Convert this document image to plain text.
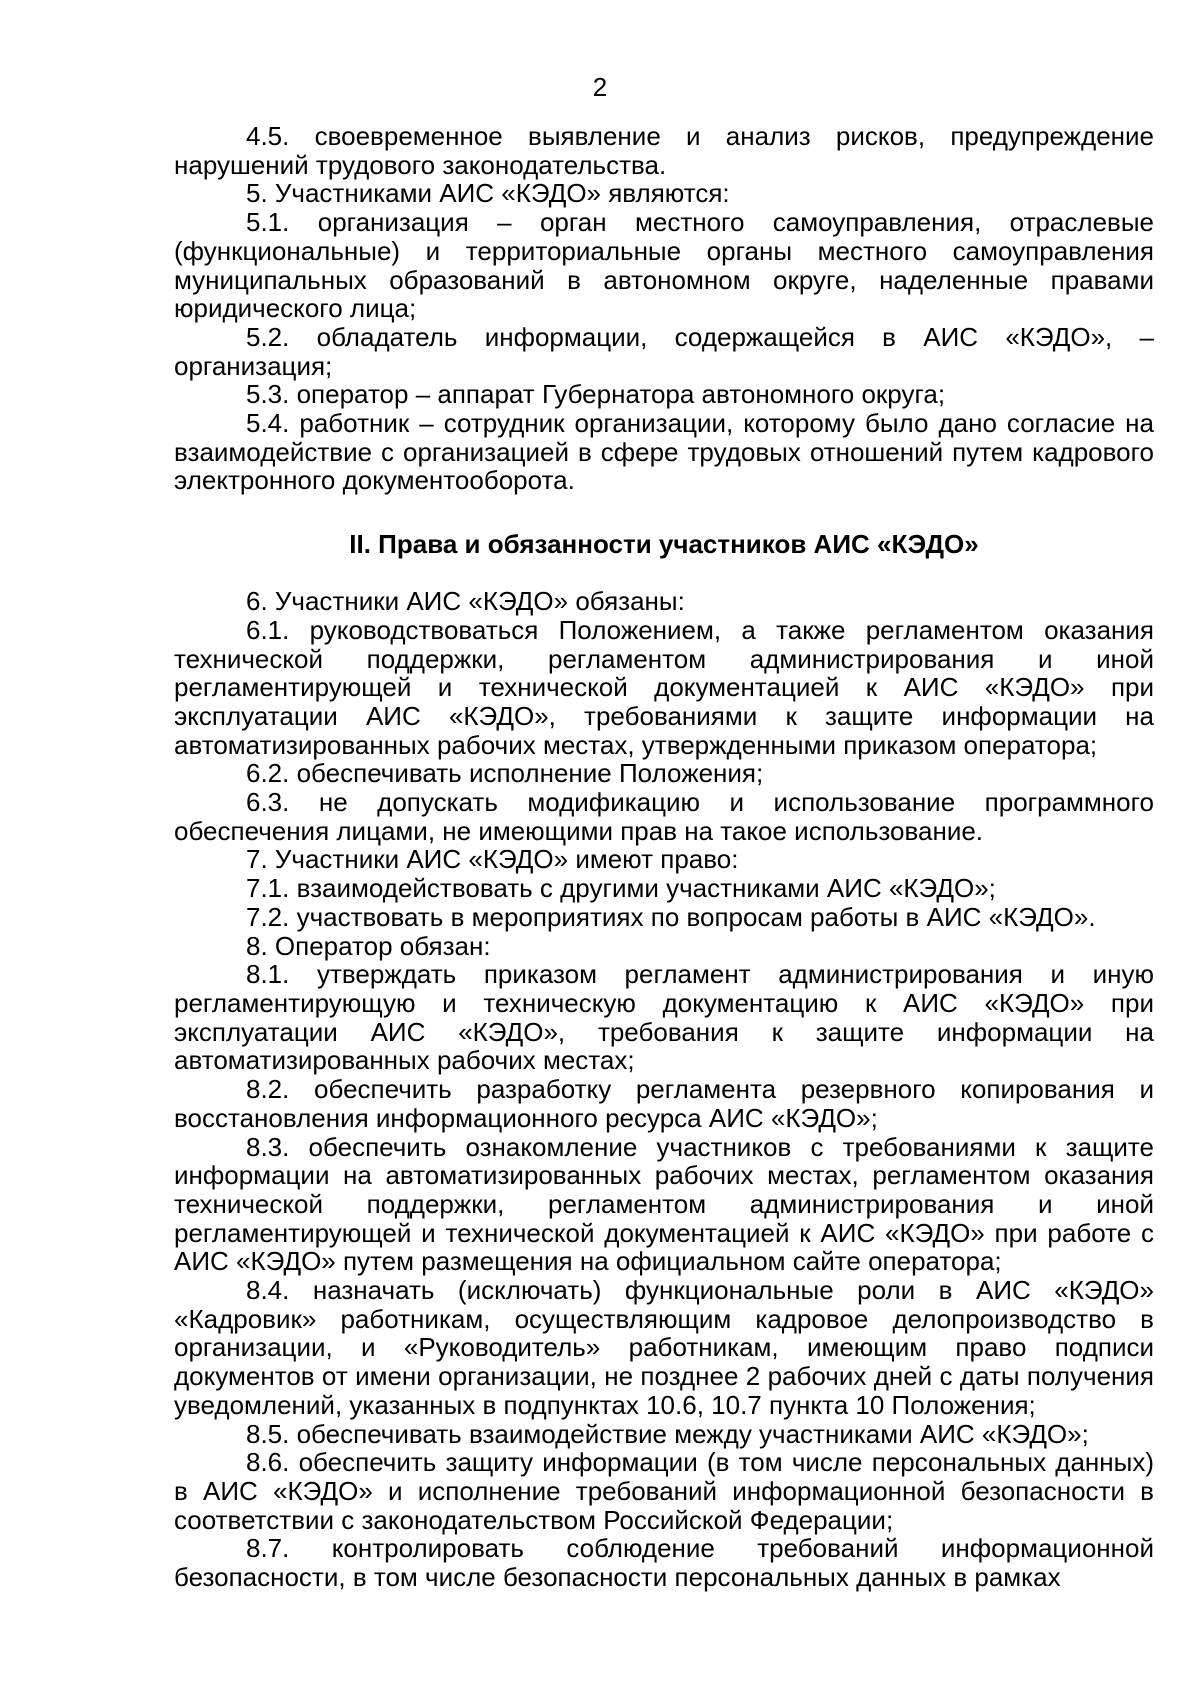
2

4.5. своевременное выявление и анализ рисков, предупреждение нарушений трудового законодательства.

5. Участниками АИС «КЭДО» являются:

5.1. организация – орган местного самоуправления, отраслевые (функциональные) и территориальные органы местного самоуправления муниципальных образований в автономном округе, наделенные правами юридического лица;

5.2. обладатель информации, содержащейся в АИС «КЭДО», – организация;

5.3. оператор – аппарат Губернатора автономного округа;

5.4. работник – сотрудник организации, которому было дано согласие на взаимодействие с организацией в сфере трудовых отношений путем кадрового электронного документооборота.

II. Права и обязанности участников АИС «КЭДО»

6. Участники АИС «КЭДО» обязаны:

6.1. руководствоваться Положением, а также регламентом оказания технической поддержки, регламентом администрирования и иной регламентирующей и технической документацией к АИС «КЭДО» при эксплуатации АИС «КЭДО», требованиями к защите информации на автоматизированных рабочих местах, утвержденными приказом оператора;

6.2. обеспечивать исполнение Положения;

6.3. не допускать модификацию и использование программного обеспечения лицами, не имеющими прав на такое использование.

7. Участники АИС «КЭДО» имеют право:

7.1. взаимодействовать с другими участниками АИС «КЭДО»;

7.2. участвовать в мероприятиях по вопросам работы в АИС «КЭДО».

8. Оператор обязан:

8.1. утверждать приказом регламент администрирования и иную регламентирующую и техническую документацию к АИС «КЭДО» при эксплуатации АИС «КЭДО», требования к защите информации на автоматизированных рабочих местах;

8.2. обеспечить разработку регламента резервного копирования и восстановления информационного ресурса АИС «КЭДО»;

8.3. обеспечить ознакомление участников с требованиями к защите информации на автоматизированных рабочих местах, регламентом оказания технической поддержки, регламентом администрирования и иной регламентирующей и технической документацией к АИС «КЭДО» при работе с АИС «КЭДО» путем размещения на официальном сайте оператора;

8.4. назначать (исключать) функциональные роли в АИС «КЭДО» «Кадровик» работникам, осуществляющим кадровое делопроизводство в организации, и «Руководитель» работникам, имеющим право подписи документов от имени организации, не позднее 2 рабочих дней с даты получения уведомлений, указанных в подпунктах 10.6, 10.7 пункта 10 Положения;

8.5. обеспечивать взаимодействие между участниками АИС «КЭДО»;

8.6. обеспечить защиту информации (в том числе персональных данных) в АИС «КЭДО» и исполнение требований информационной безопасности в соответствии с законодательством Российской Федерации;

8.7. контролировать соблюдение требований информационной безопасности, в том числе безопасности персональных данных в рамках
